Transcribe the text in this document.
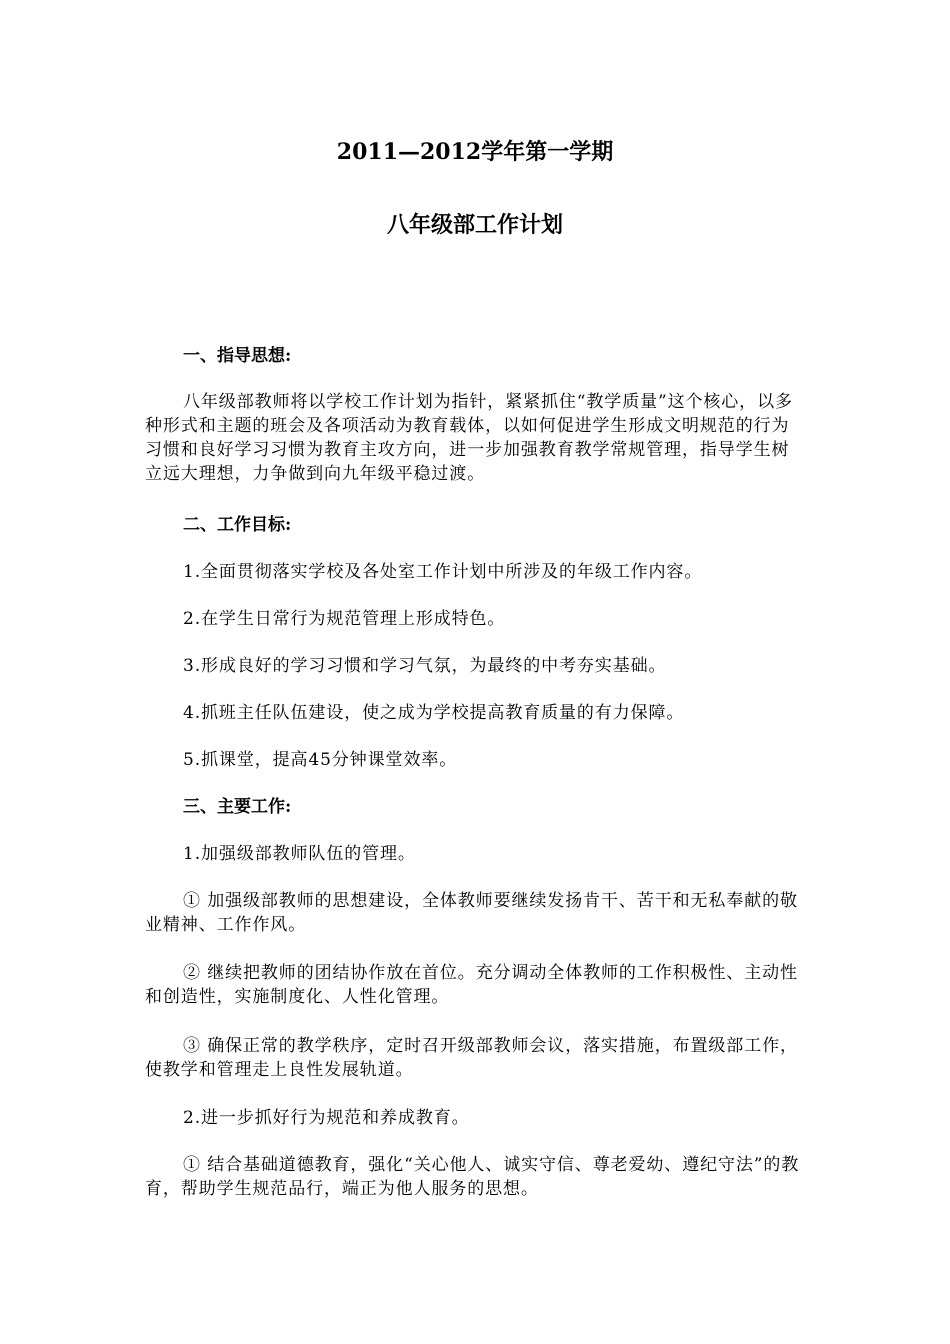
2011—2012学年第一学期
八年级部工作计划
一、指导思想:
八年级部教师将以学校工作计划为指针，紧紧抓住“教学质量”这个核心，以多种形式和主题的班会及各项活动为教育载体，以如何促进学生形成文明规范的行为习惯和良好学习习惯为教育主攻方向，进一步加强教育教学常规管理，指导学生树立远大理想，力争做到向九年级平稳过渡。
二、工作目标:
1.全面贯彻落实学校及各处室工作计划中所涉及的年级工作内容。
2.在学生日常行为规范管理上形成特色。
3.形成良好的学习习惯和学习气氛，为最终的中考夯实基础。
4.抓班主任队伍建设，使之成为学校提高教育质量的有力保障。
5.抓课堂，提高45分钟课堂效率。
三、主要工作:
1.加强级部教师队伍的管理。
① 加强级部教师的思想建设，全体教师要继续发扬肯干、苦干和无私奉献的敬业精神、工作作风。
② 继续把教师的团结协作放在首位。充分调动全体教师的工作积极性、主动性和创造性，实施制度化、人性化管理。
③ 确保正常的教学秩序，定时召开级部教师会议，落实措施，布置级部工作，使教学和管理走上良性发展轨道。
2.进一步抓好行为规范和养成教育。
① 结合基础道德教育，强化“关心他人、诚实守信、尊老爱幼、遵纪守法”的教育，帮助学生规范品行，端正为他人服务的思想。
